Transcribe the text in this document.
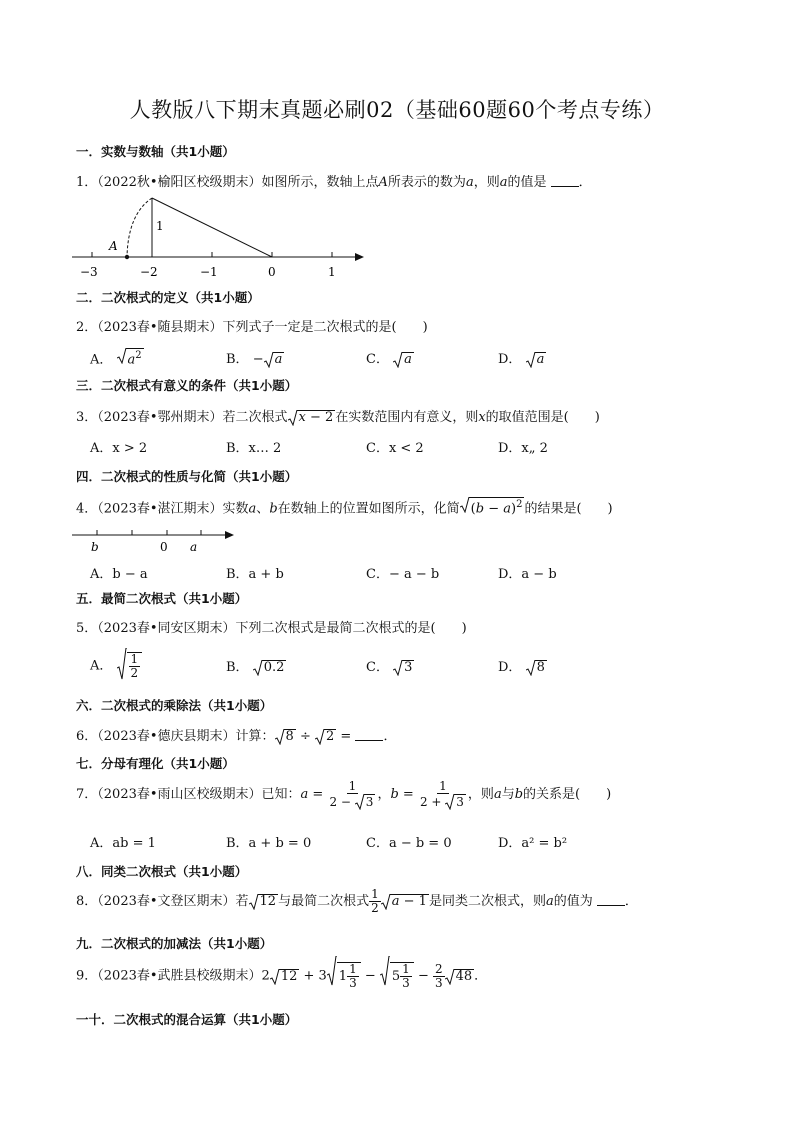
人教版八下期末真题必刷02（基础60题60个考点专练）
一．实数与数轴（共1小题）
1．（2022秋•榆阳区校级期末）如图所示，数轴上点A所表示的数为a，则a的值是 ．
A
1
−3	−2	−1	0	1
二．二次根式的定义（共1小题）
2．（2023春•随县期末）下列式子一定是二次根式的是(　　)
A． $a^2$	B． − a	C． a	D． a
三．二次根式有意义的条件（共1小题）
3．（2023春•鄂州期末）若二次根式 x − 2 在实数范围内有意义，则x的取值范围是(　　)
A．x > 2	B．x… 2	C．x < 2	D．x„ 2
四．二次根式的性质与化简（共1小题）
4．（2023春•湛江期末）实数a、b在数轴上的位置如图所示，化简 $(b - a)^2$ 的结果是(　　)
b	0 a
A．b − a	B．a + b	C．− a − b	D．a − b
五．最简二次根式（共1小题）
5．（2023春•同安区期末）下列二次根式是最简二次根式的是(　　)
A． $\frac{1}{2}$	B． 0.2	C． 3	D． 8
六．二次根式的乘除法（共1小题）
6．（2023春•德庆县期末）计算： 8 ÷
2 = ．
七．分母有理化（共1小题）
7．（2023春•雨山区校级期末）已知：a = 1
2 −
3 ，b = 1
2 +
3 ，则a与b的关系是(　　)
A．ab = 1	B．a + b = 0	C．a − b = 0	D．a² = b²
八．同类二次根式（共1小题）
8．（2023春•文登区期末）若 12 与最简二次根式 $\frac{1}{2}$ a − 1 是同类二次根式，则a的值为 ．
九．二次根式的加减法（共1小题）
9．（2023春•武胜县校级期末）2 12 + 3 $1 \frac{1}{3}$ −
$5 \frac{1}{3} - \frac{2}{3} 48$ ．
一十．二次根式的混合运算（共1小题）
